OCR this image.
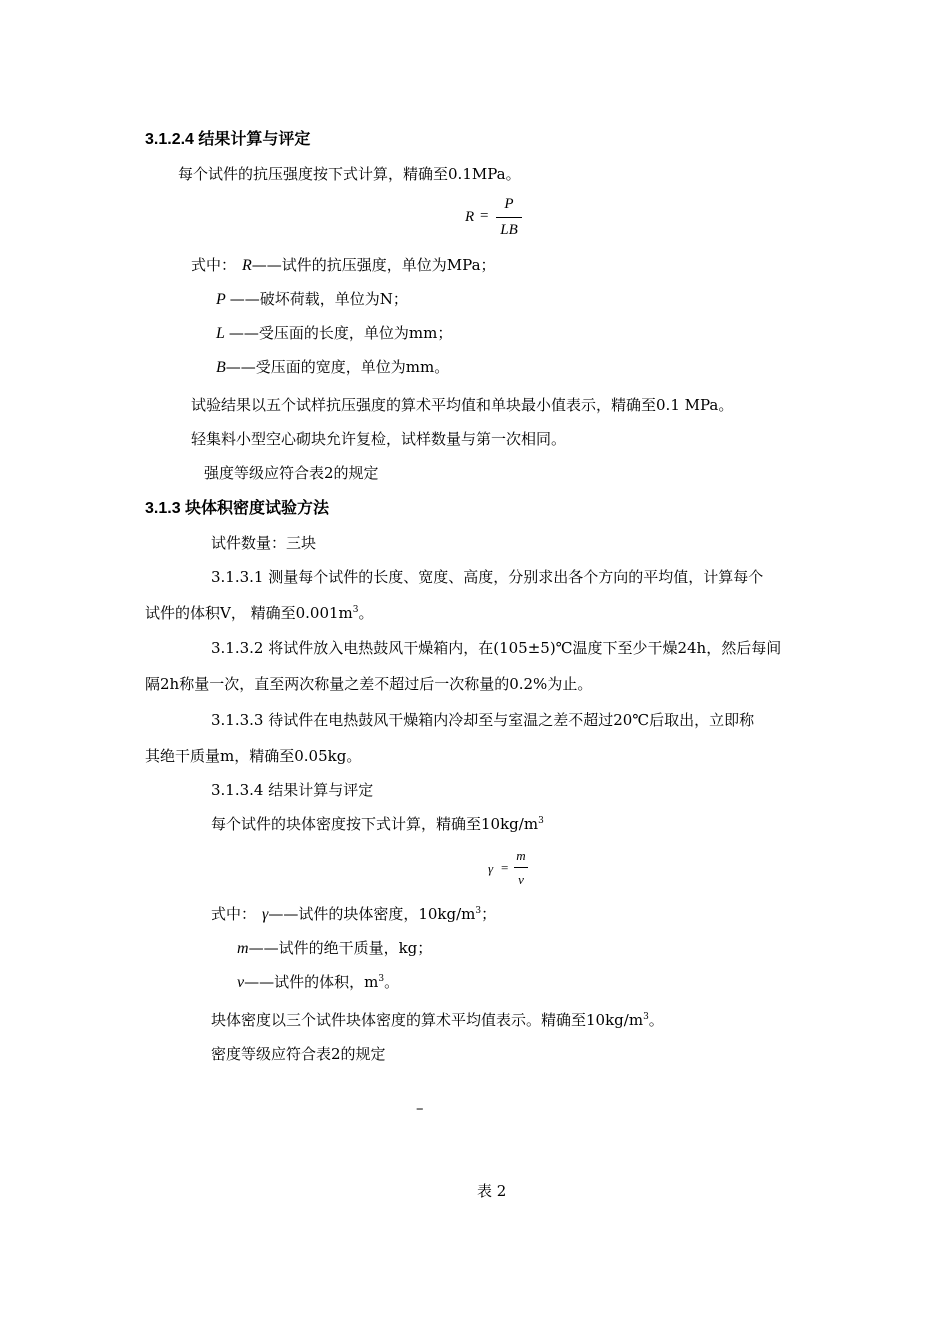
3.1.2.4 结果计算与评定
每个试件的抗压强度按下式计算，精确至0.1MPa。
R =
P
LB
式中： R——试件的抗压强度，单位为MPa；
P ——破坏荷载，单位为N；
L ——受压面的长度，单位为mm；
B——受压面的宽度，单位为mm。
试验结果以五个试样抗压强度的算术平均值和单块最小值表示，精确至0.1 MPa。
轻集料小型空心砌块允许复检，试样数量与第一次相同。
强度等级应符合表2的规定
3.1.3 块体积密度试验方法
试件数量：三块
3.1.3.1 测量每个试件的长度、宽度、高度，分别求出各个方向的平均值，计算每个
试件的体积V， 精确至$0.001m^3$。
3.1.3.2 将试件放入电热鼓风干燥箱内，在(105±5)℃温度下至少干燥24h，然后每间
隔2h称量一次，直至两次称量之差不超过后一次称量的0.2%为止。
3.1.3.3 待试件在电热鼓风干燥箱内冷却至与室温之差不超过20℃后取出，立即称
其绝干质量m，精确至0.05kg。
3.1.3.4 结果计算与评定
每个试件的块体密度按下式计算，精确至$10kg/m^3$
γ =
m
v
式中： γ——试件的块体密度，$10kg/m^3$；
m——试件的绝干质量，kg；
v——试件的体积，$m^3$。
块体密度以三个试件块体密度的算术平均值表示。精确至$10kg/m^3$。
密度等级应符合表2的规定
–
表 2
